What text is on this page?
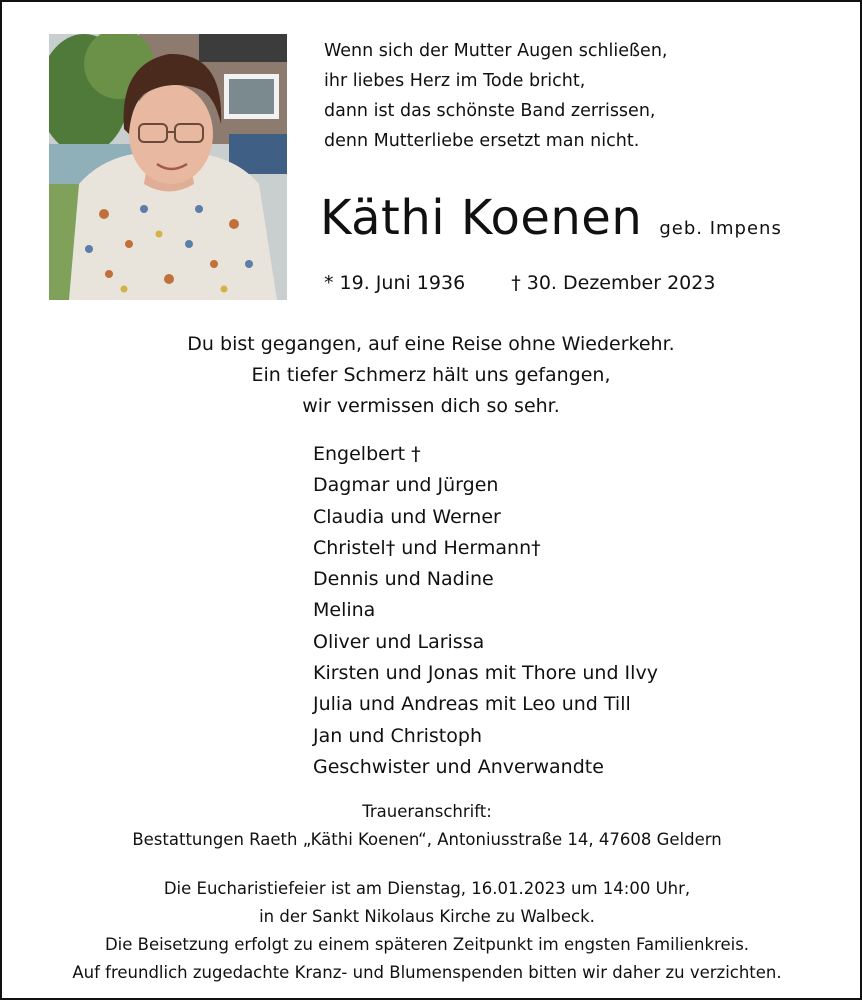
Wenn sich der Mutter Augen schließen,
ihr liebes Herz im Tode bricht,
dann ist das schönste Band zerrissen,
denn Mutterliebe ersetzt man nicht.
Käthi Koenen geb. Impens
* 19. Juni 1936 † 30. Dezember 2023
Du bist gegangen, auf eine Reise ohne Wiederkehr.
Ein tiefer Schmerz hält uns gefangen,
wir vermissen dich so sehr.
Engelbert †
Dagmar und Jürgen
Claudia und Werner
Christel† und Hermann†
Dennis und Nadine
Melina
Oliver und Larissa
Kirsten und Jonas mit Thore und Ilvy
Julia und Andreas mit Leo und Till
Jan und Christoph
Geschwister und Anverwandte
Traueranschrift:
Bestattungen Raeth „Käthi Koenen“, Antoniusstraße 14, 47608 Geldern
Die Eucharistiefeier ist am Dienstag, 16.01.2023 um 14:00 Uhr,
in der Sankt Nikolaus Kirche zu Walbeck.
Die Beisetzung erfolgt zu einem späteren Zeitpunkt im engsten Familienkreis.
Auf freundlich zugedachte Kranz- und Blumenspenden bitten wir daher zu verzichten.
